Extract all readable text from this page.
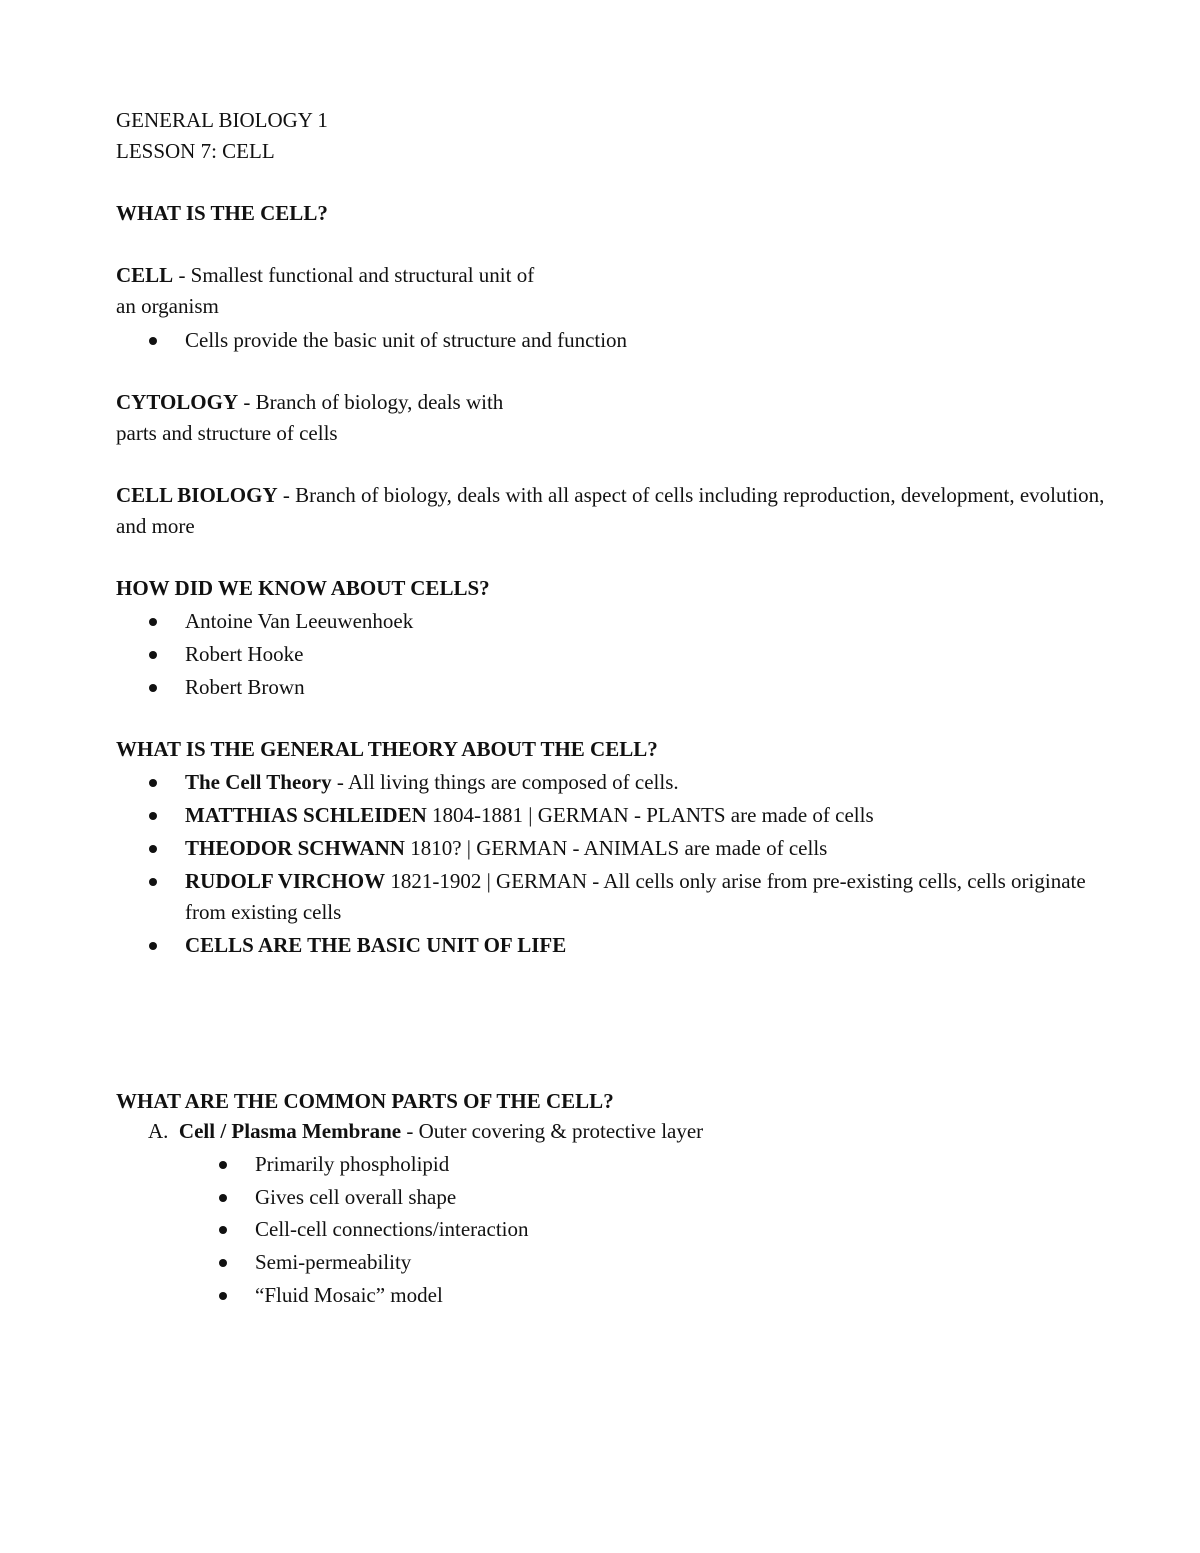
GENERAL BIOLOGY 1
LESSON 7: CELL
WHAT IS THE CELL?
CELL - Smallest functional and structural unit of
an organism
Cells provide the basic unit of structure and function
CYTOLOGY - Branch of biology, deals with
parts and structure of cells
CELL BIOLOGY - Branch of biology, deals with all aspect of cells including reproduction, development, evolution, and more
HOW DID WE KNOW ABOUT CELLS?
Antoine Van Leeuwenhoek
Robert Hooke
Robert Brown
WHAT IS THE GENERAL THEORY ABOUT THE CELL?
The Cell Theory - All living things are composed of cells.
MATTHIAS SCHLEIDEN 1804-1881 | GERMAN - PLANTS are made of cells
THEODOR SCHWANN 1810? | GERMAN - ANIMALS are made of cells
RUDOLF VIRCHOW 1821-1902 | GERMAN - All cells only arise from pre-existing cells, cells originate from existing cells
CELLS ARE THE BASIC UNIT OF LIFE
WHAT ARE THE COMMON PARTS OF THE CELL?
A. Cell / Plasma Membrane - Outer covering & protective layer
Primarily phospholipid
Gives cell overall shape
Cell-cell connections/interaction
Semi-permeability
“Fluid Mosaic” model
